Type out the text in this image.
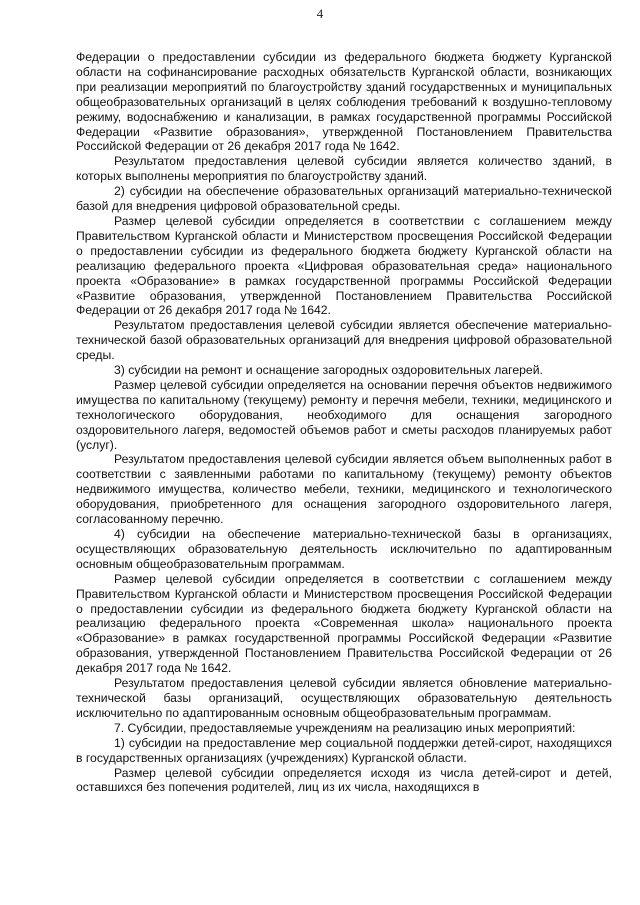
4

Федерации о предоставлении субсидии из федерального бюджета бюджету Курганской области на софинансирование расходных обязательств Курганской области, возникающих при реализации мероприятий по благоустройству зданий государственных и муниципальных общеобразовательных организаций в целях соблюдения требований к воздушно-тепловому режиму, водоснабжению и канализации, в рамках государственной программы Российской Федерации «Развитие образования», утвержденной Постановлением Правительства Российской Федерации от 26 декабря 2017 года № 1642.

Результатом предоставления целевой субсидии является количество зданий, в которых выполнены мероприятия по благоустройству зданий.

2) субсидии на обеспечение образовательных организаций материально-технической базой для внедрения цифровой образовательной среды.

Размер целевой субсидии определяется в соответствии с соглашением между Правительством Курганской области и Министерством просвещения Российской Федерации о предоставлении субсидии из федерального бюджета бюджету Курганской области на реализацию федерального проекта «Цифровая образовательная среда» национального проекта «Образование» в рамках государственной программы Российской Федерации «Развитие образования, утвержденной Постановлением Правительства Российской Федерации от 26 декабря 2017 года № 1642.

Результатом предоставления целевой субсидии является обеспечение материально-технической базой образовательных организаций для внедрения цифровой образовательной среды.

3) субсидии на ремонт и оснащение загородных оздоровительных лагерей.

Размер целевой субсидии определяется на основании перечня объектов недвижимого имущества по капитальному (текущему) ремонту и перечня мебели, техники, медицинского и технологического оборудования, необходимого для оснащения загородного оздоровительного лагеря, ведомостей объемов работ и сметы расходов планируемых работ (услуг).

Результатом предоставления целевой субсидии является объем выполненных работ в соответствии с заявленными работами по капитальному (текущему) ремонту объектов недвижимого имущества, количество мебели, техники, медицинского и технологического оборудования, приобретенного для оснащения загородного оздоровительного лагеря, согласованному перечню.

4) субсидии на обеспечение материально-технической базы в организациях, осуществляющих образовательную деятельность исключительно по адаптированным основным общеобразовательным программам.

Размер целевой субсидии определяется в соответствии с соглашением между Правительством Курганской области и Министерством просвещения Российской Федерации о предоставлении субсидии из федерального бюджета бюджету Курганской области на реализацию федерального проекта «Современная школа» национального проекта «Образование» в рамках государственной программы Российской Федерации «Развитие образования, утвержденной Постановлением Правительства Российской Федерации от 26 декабря 2017 года № 1642.

Результатом предоставления целевой субсидии является обновление материально-технической базы организаций, осуществляющих образовательную деятельность исключительно по адаптированным основным общеобразовательным программам.

7. Субсидии, предоставляемые учреждениям на реализацию иных мероприятий:

1) субсидии на предоставление мер социальной поддержки детей-сирот, находящихся в государственных организациях (учреждениях) Курганской области.

Размер целевой субсидии определяется исходя из числа детей-сирот и детей, оставшихся без попечения родителей, лиц из их числа, находящихся в
